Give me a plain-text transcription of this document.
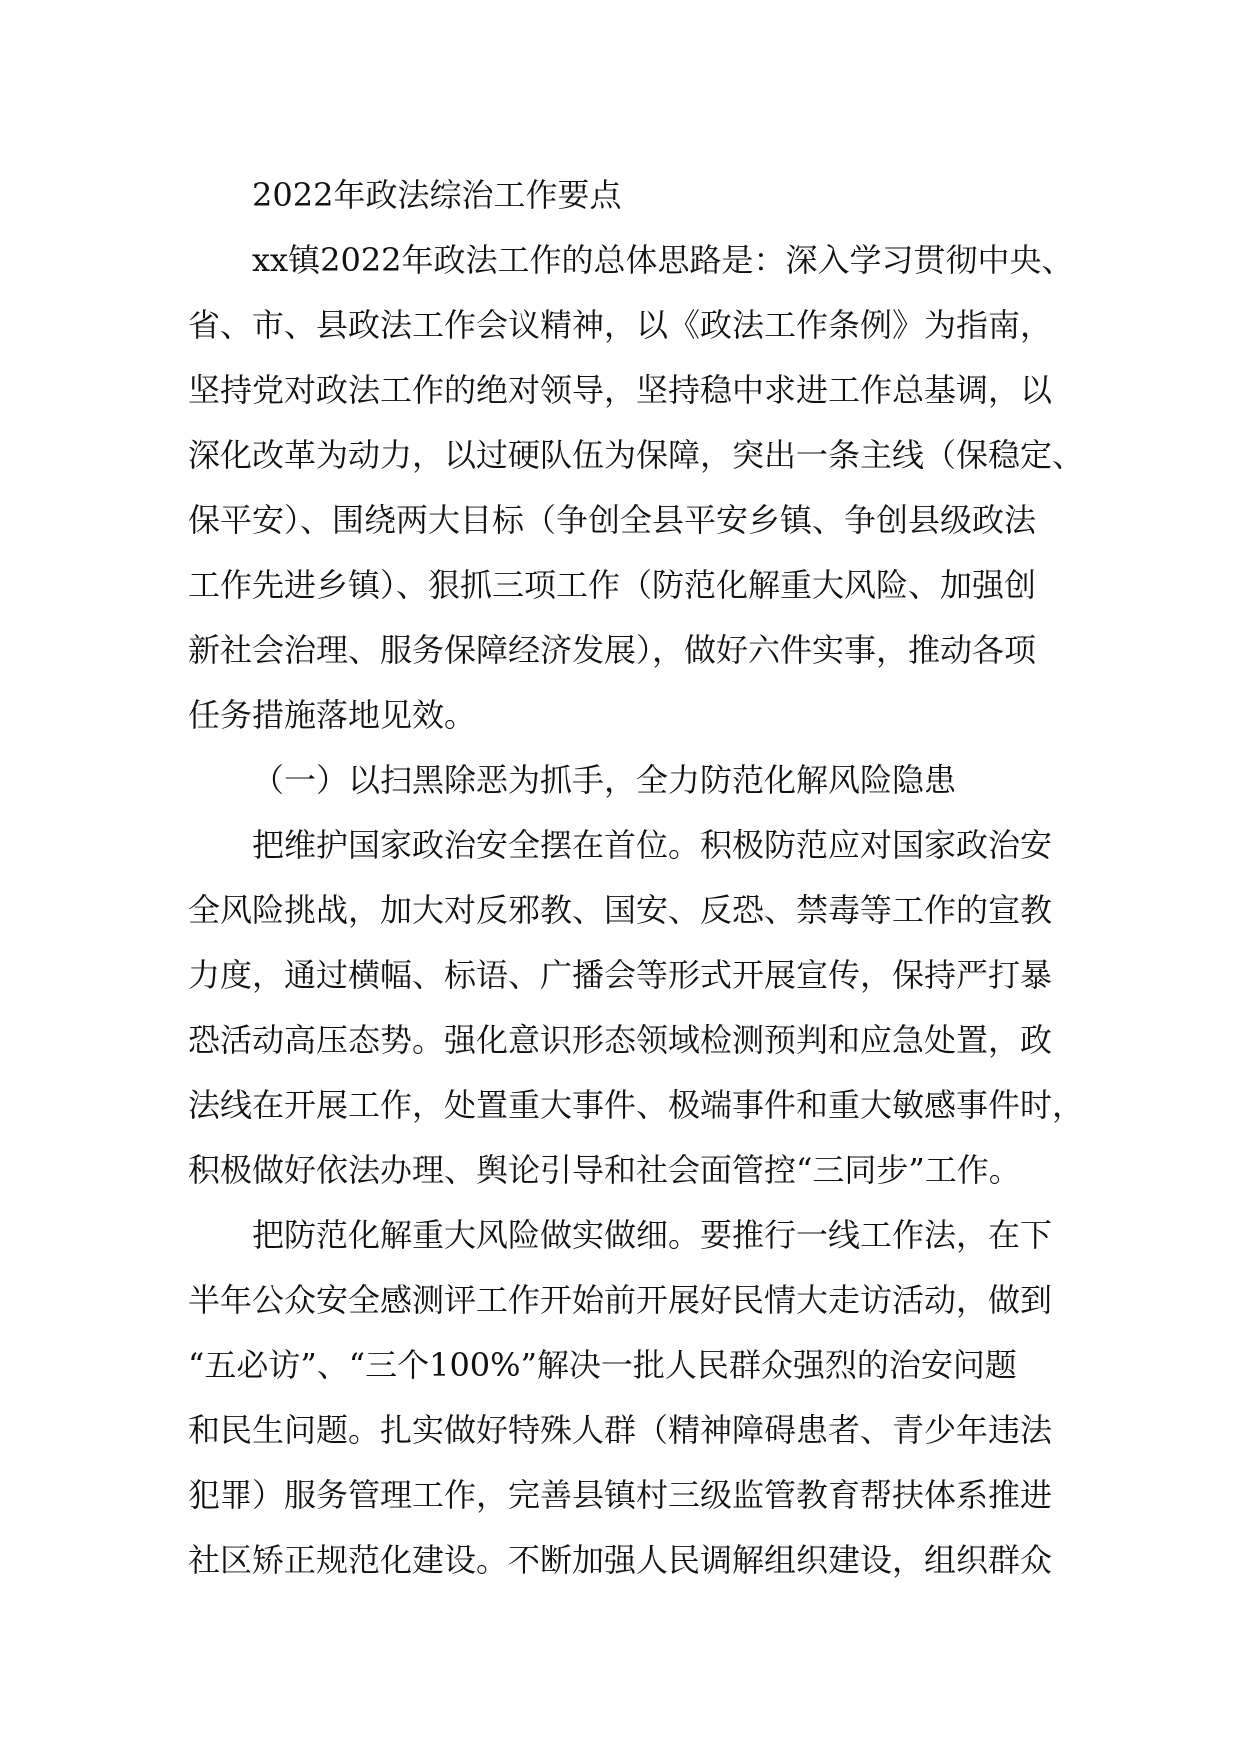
2022年政法综治工作要点
xx镇2022年政法工作的总体思路是：深入学习贯彻中央、
省、市、县政法工作会议精神，以《政法工作条例》为指南，
坚持党对政法工作的绝对领导，坚持稳中求进工作总基调，以
深化改革为动力，以过硬队伍为保障，突出一条主线（保稳定、
保平安）、围绕两大目标（争创全县平安乡镇、争创县级政法
工作先进乡镇）、狠抓三项工作（防范化解重大风险、加强创
新社会治理、服务保障经济发展），做好六件实事，推动各项
任务措施落地见效。
（一）以扫黑除恶为抓手，全力防范化解风险隐患
把维护国家政治安全摆在首位。积极防范应对国家政治安
全风险挑战，加大对反邪教、国安、反恐、禁毒等工作的宣教
力度，通过横幅、标语、广播会等形式开展宣传，保持严打暴
恐活动高压态势。强化意识形态领域检测预判和应急处置，政
法线在开展工作，处置重大事件、极端事件和重大敏感事件时，
积极做好依法办理、舆论引导和社会面管控“三同步”工作。
把防范化解重大风险做实做细。要推行一线工作法，在下
半年公众安全感测评工作开始前开展好民情大走访活动，做到
“五必访”、“三个100%”解决一批人民群众强烈的治安问题
和民生问题。扎实做好特殊人群（精神障碍患者、青少年违法
犯罪）服务管理工作，完善县镇村三级监管教育帮扶体系推进
社区矫正规范化建设。不断加强人民调解组织建设，组织群众
